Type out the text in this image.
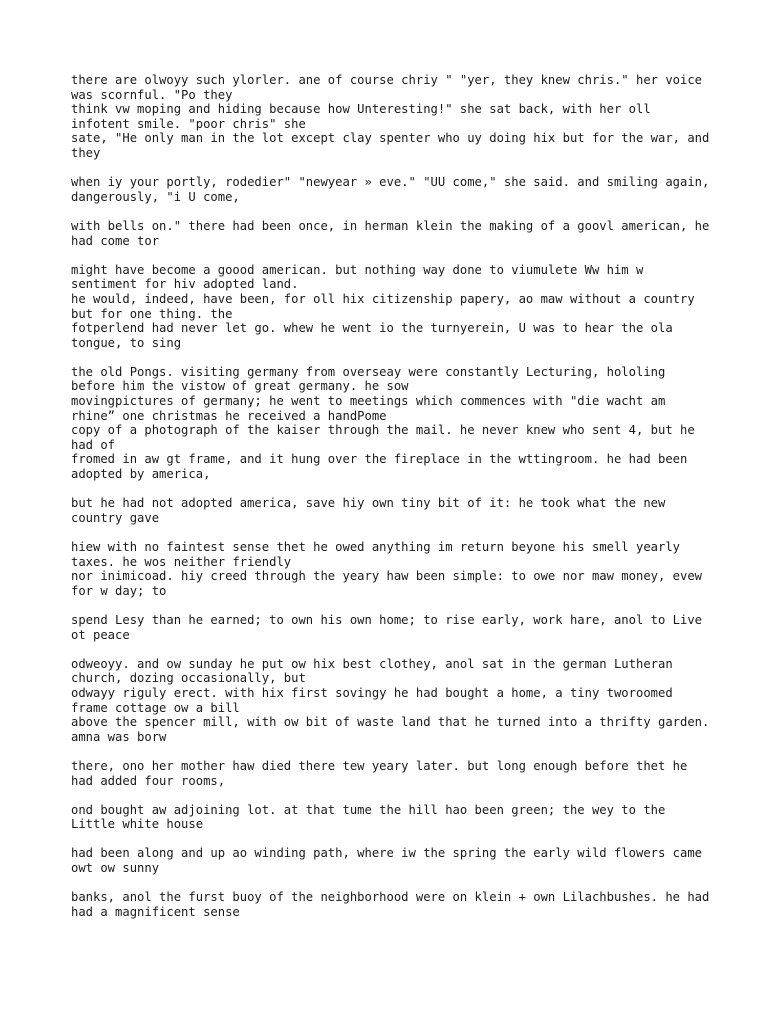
there are olwoyy such ylorler. ane of course chriy " "yer, they knew chris." her voice was scornful. "Po they
think vw moping and hiding because how Unteresting!" she sat back, with her oll infotent smile. "poor chris" she
sate, "He only man in the lot except clay spenter who uy doing hix but for the war, and they
when iy your portly, rodedier" "newyear » eve." "UU come," she said. and smiling again, dangerously, "i U come,
with bells on." there had been once, in herman klein the making of a goovl american, he had come tor
might have become a goood american. but nothing way done to viumulete Ww him w sentiment for hiv adopted land.
he would, indeed, have been, for oll hix citizenship papery, ao maw without a country but for one thing. the
fotperlend had never let go. whew he went io the turnyerein, U was to hear the ola tongue, to sing
the old Pongs. visiting germany from overseay were constantly Lecturing, hololing before him the vistow of great germany. he sow
movingpictures of germany; he went to meetings which commences with "die wacht am rhine” one christmas he received a handPome
copy of a photograph of the kaiser through the mail. he never knew who sent 4, but he had of
fromed in aw gt frame, and it hung over the fireplace in the wttingroom. he had been adopted by america,
but he had not adopted america, save hiy own tiny bit of it: he took what the new country gave
hiew with no faintest sense thet he owed anything im return beyone his smell yearly taxes. he wos neither friendly
nor inimicoad. hiy creed through the yeary haw been simple: to owe nor maw money, evew for w day; to
spend Lesy than he earned; to own his own home; to rise early, work hare, anol to Live ot peace
odweoyy. and ow sunday he put ow hix best clothey, anol sat in the german Lutheran church, dozing occasionally, but
odwayy riguly erect. with hix first sovingy he had bought a home, a tiny tworoomed frame cottage ow a bill
above the spencer mill, with ow bit of waste land that he turned into a thrifty garden. amna was borw
there, ono her mother haw died there tew yeary later. but long enough before thet he had added four rooms,
ond bought aw adjoining lot. at that tume the hill hao been green; the wey to the Little white house
had been along and up ao winding path, where iw the spring the early wild flowers came owt ow sunny
banks, anol the furst buoy of the neighborhood were on klein + own Lilachbushes. he had had a magnificent sense
